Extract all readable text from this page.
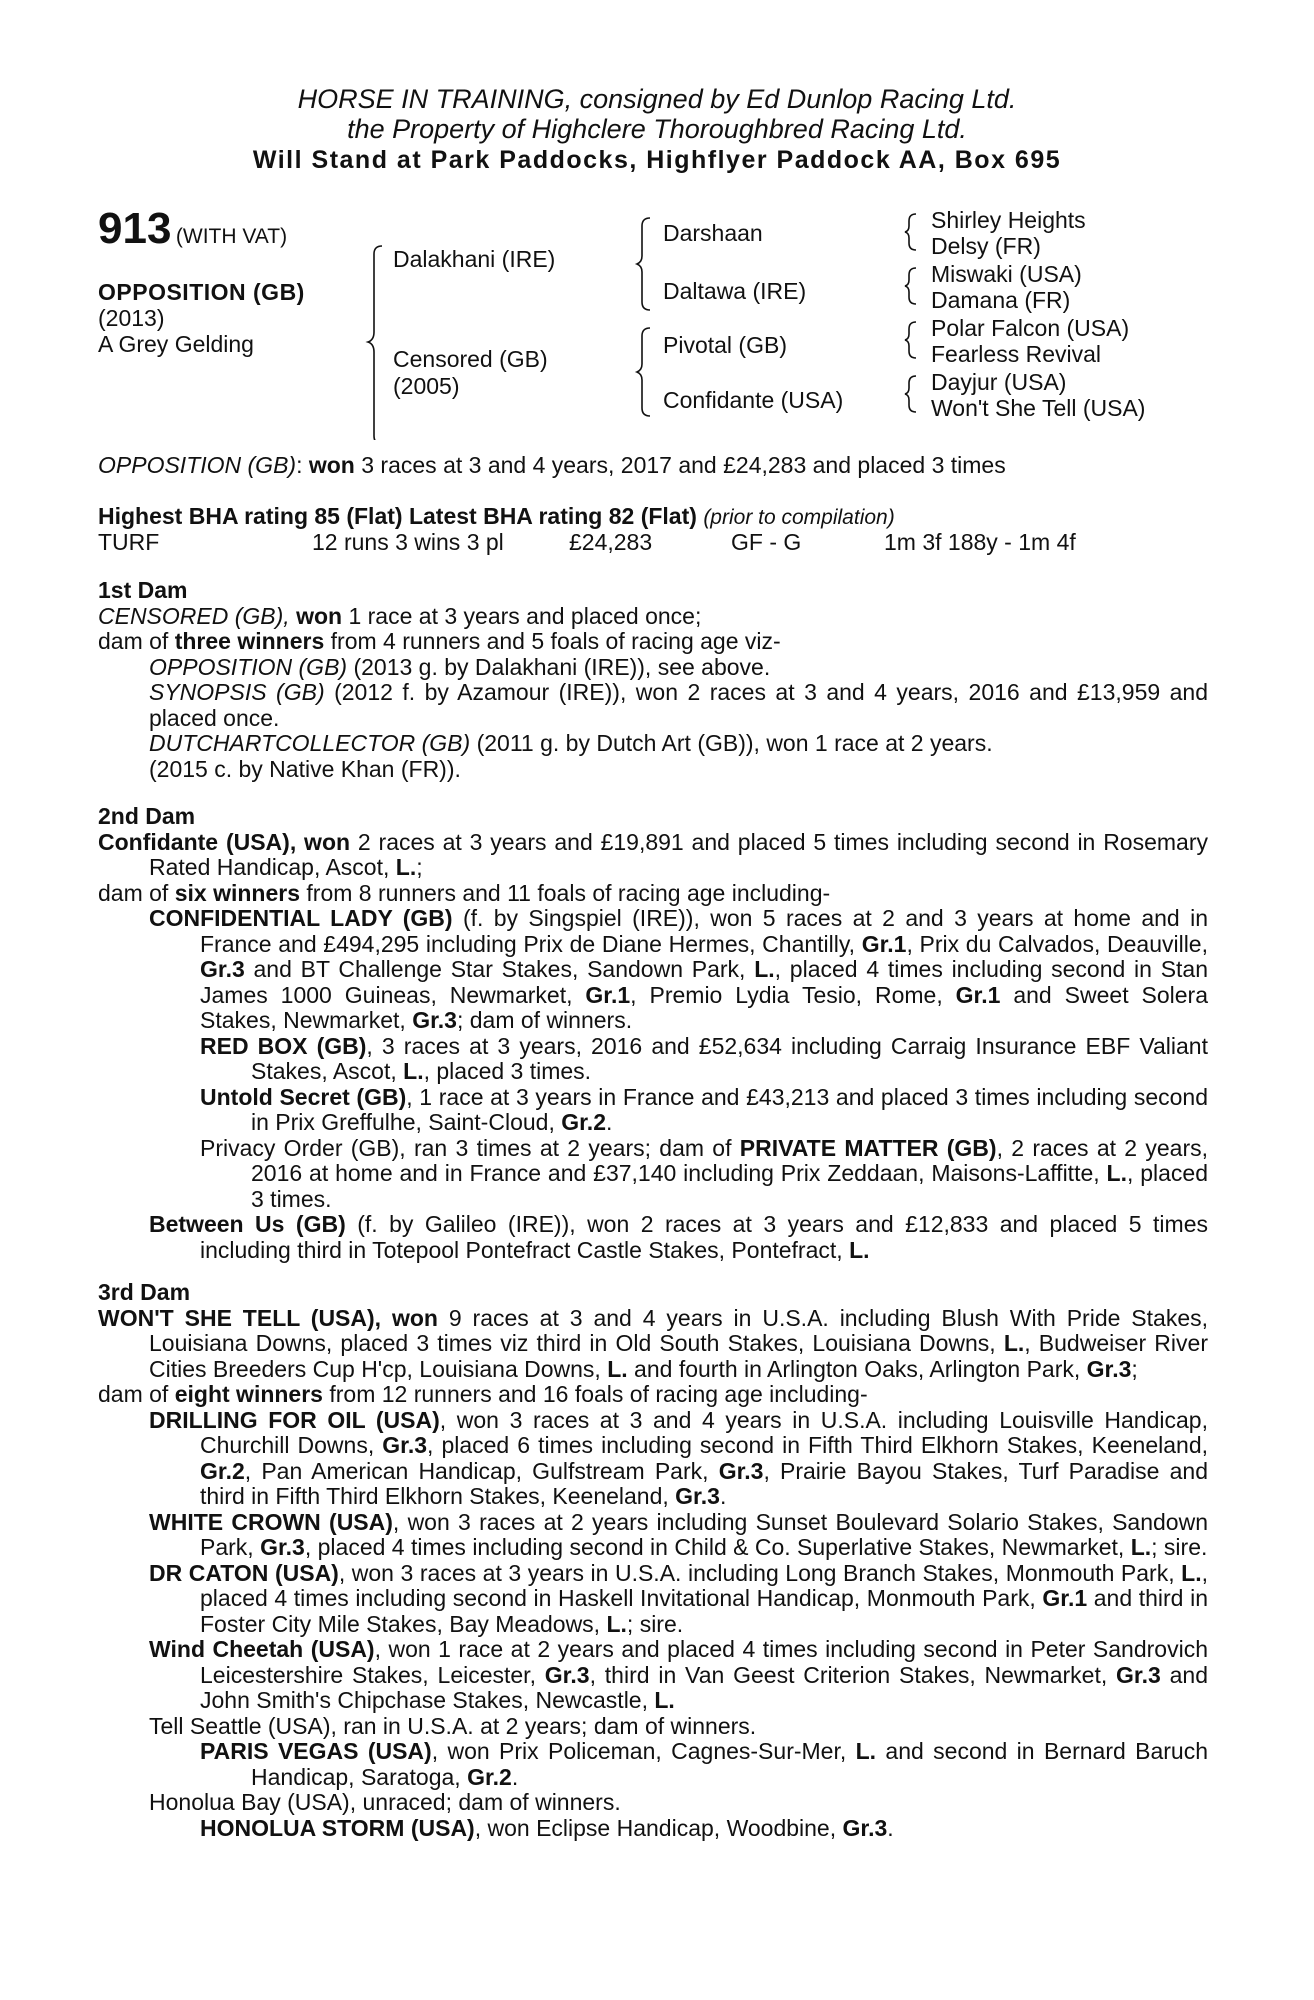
HORSE IN TRAINING, consigned by Ed Dunlop Racing Ltd.
the Property of Highclere Thoroughbred Racing Ltd.
Will Stand at Park Paddocks, Highflyer Paddock AA, Box 695
913 (WITH VAT)
OPPOSITION (GB)
(2013)
A Grey Gelding
Dalakhani (IRE)
Censored (GB)
(2005)
Darshaan
Daltawa (IRE)
Pivotal (GB)
Confidante (USA)
Shirley Heights
Delsy (FR)
Miswaki (USA)
Damana (FR)
Polar Falcon (USA)
Fearless Revival
Dayjur (USA)
Won't She Tell (USA)
OPPOSITION (GB): won 3 races at 3 and 4 years, 2017 and £24,283 and placed 3 times
Highest BHA rating 85 (Flat) Latest BHA rating 82 (Flat) (prior to compilation)
TURF	12 runs 3 wins 3 pl	£24,283	GF - G	1m 3f 188y - 1m 4f

1st Dam

CENSORED (GB), won 1 race at 3 years and placed once;

dam of three winners from 4 runners and 5 foals of racing age viz-

OPPOSITION (GB) (2013 g. by Dalakhani (IRE)), see above.

SYNOPSIS (GB) (2012 f. by Azamour (IRE)), won 2 races at 3 and 4 years, 2016 and £13,959 and placed once.

DUTCHARTCOLLECTOR (GB) (2011 g. by Dutch Art (GB)), won 1 race at 2 years.

(2015 c. by Native Khan (FR)).

2nd Dam

Confidante (USA), won 2 races at 3 years and £19,891 and placed 5 times including second in Rosemary Rated Handicap, Ascot, L.;

dam of six winners from 8 runners and 11 foals of racing age including-

CONFIDENTIAL LADY (GB) (f. by Singspiel (IRE)), won 5 races at 2 and 3 years at home and in France and £494,295 including Prix de Diane Hermes, Chantilly, Gr.1, Prix du Calvados, Deauville, Gr.3 and BT Challenge Star Stakes, Sandown Park, L., placed 4 times including second in Stan James 1000 Guineas, Newmarket, Gr.1, Premio Lydia Tesio, Rome, Gr.1 and Sweet Solera Stakes, Newmarket, Gr.3; dam of winners.

RED BOX (GB), 3 races at 3 years, 2016 and £52,634 including Carraig Insurance EBF Valiant Stakes, Ascot, L., placed 3 times.

Untold Secret (GB), 1 race at 3 years in France and £43,213 and placed 3 times including second in Prix Greffulhe, Saint-Cloud, Gr.2.

Privacy Order (GB), ran 3 times at 2 years; dam of PRIVATE MATTER (GB), 2 races at 2 years, 2016 at home and in France and £37,140 including Prix Zeddaan, Maisons-Laffitte, L., placed 3 times.

Between Us (GB) (f. by Galileo (IRE)), won 2 races at 3 years and £12,833 and placed 5 times including third in Totepool Pontefract Castle Stakes, Pontefract, L.

3rd Dam

WON'T SHE TELL (USA), won 9 races at 3 and 4 years in U.S.A. including Blush With Pride Stakes, Louisiana Downs, placed 3 times viz third in Old South Stakes, Louisiana Downs, L., Budweiser River Cities Breeders Cup H'cp, Louisiana Downs, L. and fourth in Arlington Oaks, Arlington Park, Gr.3;

dam of eight winners from 12 runners and 16 foals of racing age including-

DRILLING FOR OIL (USA), won 3 races at 3 and 4 years in U.S.A. including Louisville Handicap, Churchill Downs, Gr.3, placed 6 times including second in Fifth Third Elkhorn Stakes, Keeneland, Gr.2, Pan American Handicap, Gulfstream Park, Gr.3, Prairie Bayou Stakes, Turf Paradise and third in Fifth Third Elkhorn Stakes, Keeneland, Gr.3.

WHITE CROWN (USA), won 3 races at 2 years including Sunset Boulevard Solario Stakes, Sandown Park, Gr.3, placed 4 times including second in Child & Co. Superlative Stakes, Newmarket, L.; sire.

DR CATON (USA), won 3 races at 3 years in U.S.A. including Long Branch Stakes, Monmouth Park, L., placed 4 times including second in Haskell Invitational Handicap, Monmouth Park, Gr.1 and third in Foster City Mile Stakes, Bay Meadows, L.; sire.

Wind Cheetah (USA), won 1 race at 2 years and placed 4 times including second in Peter Sandrovich Leicestershire Stakes, Leicester, Gr.3, third in Van Geest Criterion Stakes, Newmarket, Gr.3 and John Smith's Chipchase Stakes, Newcastle, L.

Tell Seattle (USA), ran in U.S.A. at 2 years; dam of winners.

PARIS VEGAS (USA), won Prix Policeman, Cagnes-Sur-Mer, L. and second in Bernard Baruch Handicap, Saratoga, Gr.2.

Honolua Bay (USA), unraced; dam of winners.

HONOLUA STORM (USA), won Eclipse Handicap, Woodbine, Gr.3.
